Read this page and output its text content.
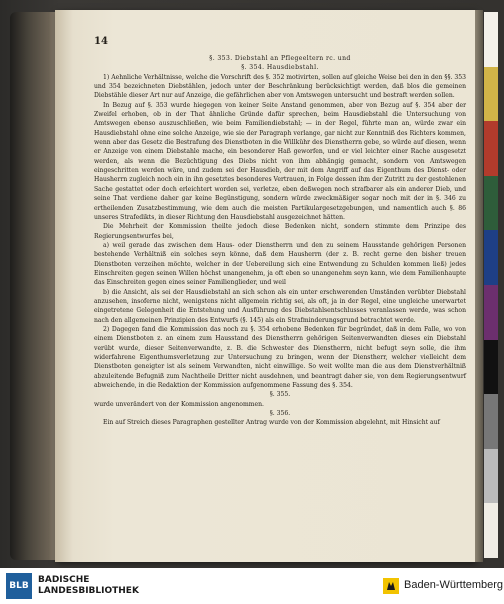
14

§. 353. Diebstahl an Pflegeeltern rc. und

§. 354. Hausdiebstahl.

1) Aehnliche Verhältnisse, welche die Vorschrift des §. 352 motivirten, sollen auf gleiche Weise bei den in den §§. 353 und 354 bezeichneten Diebstählen, jedoch unter der Beschränkung berücksichtigt werden, daß blos die gemeinen Diebstähle dieser Art nur auf Anzeige, die gefährlichen aber von Amtswegen untersucht und bestraft werden sollen.

In Bezug auf §. 353 wurde hiegegen von keiner Seite Anstand genommen, aber von Bezug auf §. 354 aber der Zweifel erhoben, ob in der That ähnliche Gründe dafür sprechen, beim Hausdiebstahl die Untersuchung von Amtswegen ebenso auszuschließen, wie beim Familiendiebstahl; — in der Regel, führte man an, würde zwar ein Hausdiebstahl ohne eine solche Anzeige, wie sie der Paragraph verlange, gar nicht zur Kenntniß des Richters kommen, wenn aber das Gesetz die Bestrafung des Dienstboten in die Willkühr des Dienstherrn gebe, so würde auf diesen, wenn er Anzeige von einem Diebstahle mache, ein besonderer Haß geworfen, und er viel leichter einer Rache ausgesetzt werden, als wenn die Bezüchtigung des Diebs nicht von ihm abhängig gemacht, sondern von Amtswegen eingeschritten werden wäre, und zudem sei der Hausdieb, der mit dem Angriff auf das Eigenthum des Dienst- oder Hausherrn zugleich noch ein in ihn gesetztes besonderes Vertrauen, in Folge dessen ihm der Zutritt zu der gestohlenen Sache gestattet oder doch erleichtert worden sei, verletze, eben deßwegen noch strafbarer als ein anderer Dieb, und seine That verdiene daher gar keine Begünstigung, sondern würde zweckmäßiger sogar noch mit der in §. 346 zu ertheilenden Zusatzbestimmung, wie dem auch die meisten Partikulargesetzgebungen, und namentlich auch §. 86 unseres Strafedikts, in dieser Richtung den Hausdiebstahl ausgezeichnet hätten.

Die Mehrheit der Kommission theilte jedoch diese Bedenken nicht, sondern stimmte dem Prinzipe des Regierungsentwurfes bei,

a) weil gerade das zwischen dem Haus- oder Dienstherrn und den zu seinem Hausstande gehörigen Personen bestehende Verhältniß ein solches seyn könne, daß dem Hausherrn (der z. B. recht gerne den bisher treuen Dienstboten verzeihen möchte, welcher in der Uebereilung sich eine Entwendung zu Schulden kommen ließ) jedes Einschreiten gegen seinen Willen höchst unangenehm, ja oft eben so unangenehm seyn kann, wie dem Familienhaupte das Einschreiten gegen eines seiner Familienglieder, und weil

b) die Ansicht, als sei der Hausdiebstahl an sich schon als ein unter erschwerenden Umständen verübter Diebstahl anzusehen, insoferne nicht, wenigstens nicht allgemein richtig sei, als oft, ja in der Regel, eine ungleiche unerwartet eingetretene Gelegenheit die Entstehung und Ausführung des Diebstahlsentschlusses veranlassen werde, was schon nach den allgemeinen Prinzipien des Entwurfs (§. 145) als ein Strafminderungsgrund betrachtet werde.

2) Dagegen fand die Kommission das noch zu §. 354 erhobene Bedenken für begründet, daß in dem Falle, wo von einem Dienstboten z. an einem zum Hausstand des Dienstherrn gehörigen Seitenverwandten dieses ein Diebstahl verübt wurde, dieser Seitenverwandte, z. B. die Schwester des Dienstherrn, nicht befugt seyn solle, die ihm widerfahrene Eigenthumsverletzung zur Untersuchung zu bringen, wenn der Dienstherr, welcher vielleicht dem Dienstboten geneigter ist als seinem Verwandten, nicht einwillige. So weit wollte man die aus dem Dienstverhältniß abzuleitende Befugniß zum Nachtheile Dritter nicht ausdehnen, und beantragt daher sie, von dem Regierungsentwurf abweichende, in die Redaktion der Kommission aufgenommene Fassung des §. 354.

§. 355.

wurde unverändert von der Kommission angenommen.

§. 356.

Ein auf Streich dieses Paragraphen gestellter Antrag wurde von der Kommission abgelehnt, mit Hinsicht auf

BLB
BADISCHE
LANDESBIBLIOTHEK	Baden-Württemberg
